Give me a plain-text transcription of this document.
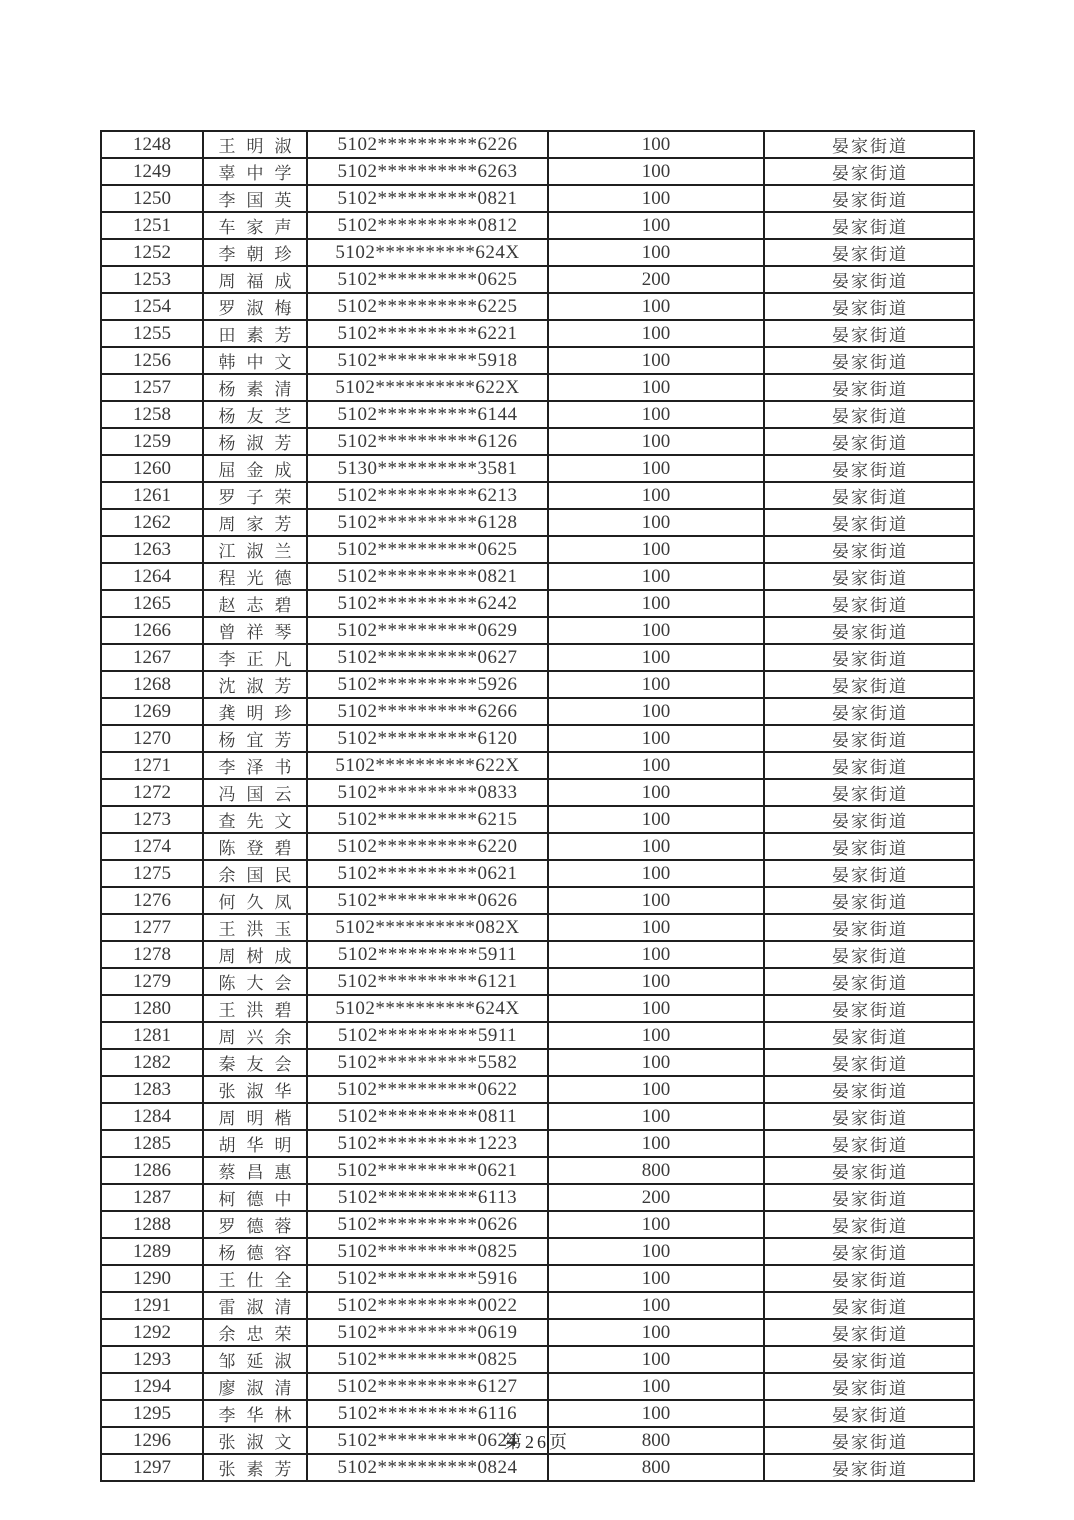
1248	王明淑	5102**********6226	100	晏家街道
1249	辜中学	5102**********6263	100	晏家街道
1250	李国英	5102**********0821	100	晏家街道
1251	车家声	5102**********0812	100	晏家街道
1252	李朝珍	5102**********624X	100	晏家街道
1253	周福成	5102**********0625	200	晏家街道
1254	罗淑梅	5102**********6225	100	晏家街道
1255	田素芳	5102**********6221	100	晏家街道
1256	韩中文	5102**********5918	100	晏家街道
1257	杨素清	5102**********622X	100	晏家街道
1258	杨友芝	5102**********6144	100	晏家街道
1259	杨淑芳	5102**********6126	100	晏家街道
1260	屈金成	5130**********3581	100	晏家街道
1261	罗子荣	5102**********6213	100	晏家街道
1262	周家芳	5102**********6128	100	晏家街道
1263	江淑兰	5102**********0625	100	晏家街道
1264	程光德	5102**********0821	100	晏家街道
1265	赵志碧	5102**********6242	100	晏家街道
1266	曾祥琴	5102**********0629	100	晏家街道
1267	李正凡	5102**********0627	100	晏家街道
1268	沈淑芳	5102**********5926	100	晏家街道
1269	龚明珍	5102**********6266	100	晏家街道
1270	杨宜芳	5102**********6120	100	晏家街道
1271	李泽书	5102**********622X	100	晏家街道
1272	冯国云	5102**********0833	100	晏家街道
1273	查先文	5102**********6215	100	晏家街道
1274	陈登碧	5102**********6220	100	晏家街道
1275	余国民	5102**********0621	100	晏家街道
1276	何久凤	5102**********0626	100	晏家街道
1277	王洪玉	5102**********082X	100	晏家街道
1278	周树成	5102**********5911	100	晏家街道
1279	陈大会	5102**********6121	100	晏家街道
1280	王洪碧	5102**********624X	100	晏家街道
1281	周兴余	5102**********5911	100	晏家街道
1282	秦友会	5102**********5582	100	晏家街道
1283	张淑华	5102**********0622	100	晏家街道
1284	周明楷	5102**********0811	100	晏家街道
1285	胡华明	5102**********1223	100	晏家街道
1286	蔡昌惠	5102**********0621	800	晏家街道
1287	柯德中	5102**********6113	200	晏家街道
1288	罗德蓉	5102**********0626	100	晏家街道
1289	杨德容	5102**********0825	100	晏家街道
1290	王仕全	5102**********5916	100	晏家街道
1291	雷淑清	5102**********0022	100	晏家街道
1292	余忠荣	5102**********0619	100	晏家街道
1293	邹延淑	5102**********0825	100	晏家街道
1294	廖淑清	5102**********6127	100	晏家街道
1295	李华林	5102**********6116	100	晏家街道
1296	张淑文	5102**********0624	800	晏家街道
1297	张素芳	5102**********0824	800	晏家街道
第26页
